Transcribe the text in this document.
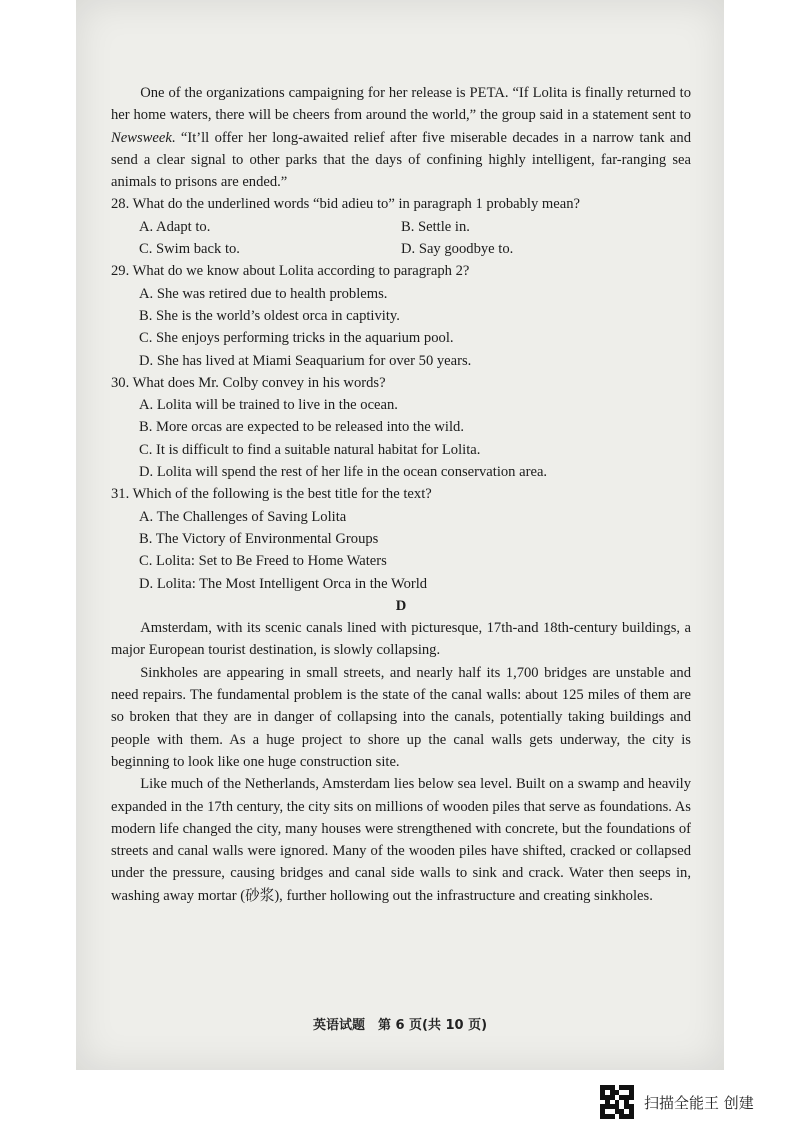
One of the organizations campaigning for her release is PETA. “If Lolita is finally returned to her home waters, there will be cheers from around the world,” the group said in a statement sent to Newsweek. “It’ll offer her long-awaited relief after five miserable decades in a narrow tank and send a clear signal to other parks that the days of confining highly intelligent, far-ranging sea animals to prisons are ended.”

28. What do the underlined words “bid adieu to” in paragraph 1 probably mean?

A. Adapt to.	B. Settle in.
C. Swim back to.	D. Say goodbye to.

29. What do we know about Lolita according to paragraph 2?

A. She was retired due to health problems.

B. She is the world’s oldest orca in captivity.

C. She enjoys performing tricks in the aquarium pool.

D. She has lived at Miami Seaquarium for over 50 years.

30. What does Mr. Colby convey in his words?

A. Lolita will be trained to live in the ocean.

B. More orcas are expected to be released into the wild.

C. It is difficult to find a suitable natural habitat for Lolita.

D. Lolita will spend the rest of her life in the ocean conservation area.

31. Which of the following is the best title for the text?

A. The Challenges of Saving Lolita

B. The Victory of Environmental Groups

C. Lolita: Set to Be Freed to Home Waters

D. Lolita: The Most Intelligent Orca in the World

D

Amsterdam, with its scenic canals lined with picturesque, 17th-and 18th-century buildings, a major European tourist destination, is slowly collapsing.

Sinkholes are appearing in small streets, and nearly half its 1,700 bridges are unstable and need repairs. The fundamental problem is the state of the canal walls: about 125 miles of them are so broken that they are in danger of collapsing into the canals, potentially taking buildings and people with them. As a huge project to shore up the canal walls gets underway, the city is beginning to look like one huge construction site.

Like much of the Netherlands, Amsterdam lies below sea level. Built on a swamp and heavily expanded in the 17th century, the city sits on millions of wooden piles that serve as foundations. As modern life changed the city, many houses were strengthened with concrete, but the foundations of streets and canal walls were ignored. Many of the wooden piles have shifted, cracked or collapsed under the pressure, causing bridges and canal side walls to sink and crack. Water then seeps in, washing away mortar (砂浆), further hollowing out the infrastructure and creating sinkholes.

英语试题　第 6 页(共 10 页)
扫描全能王 创建
